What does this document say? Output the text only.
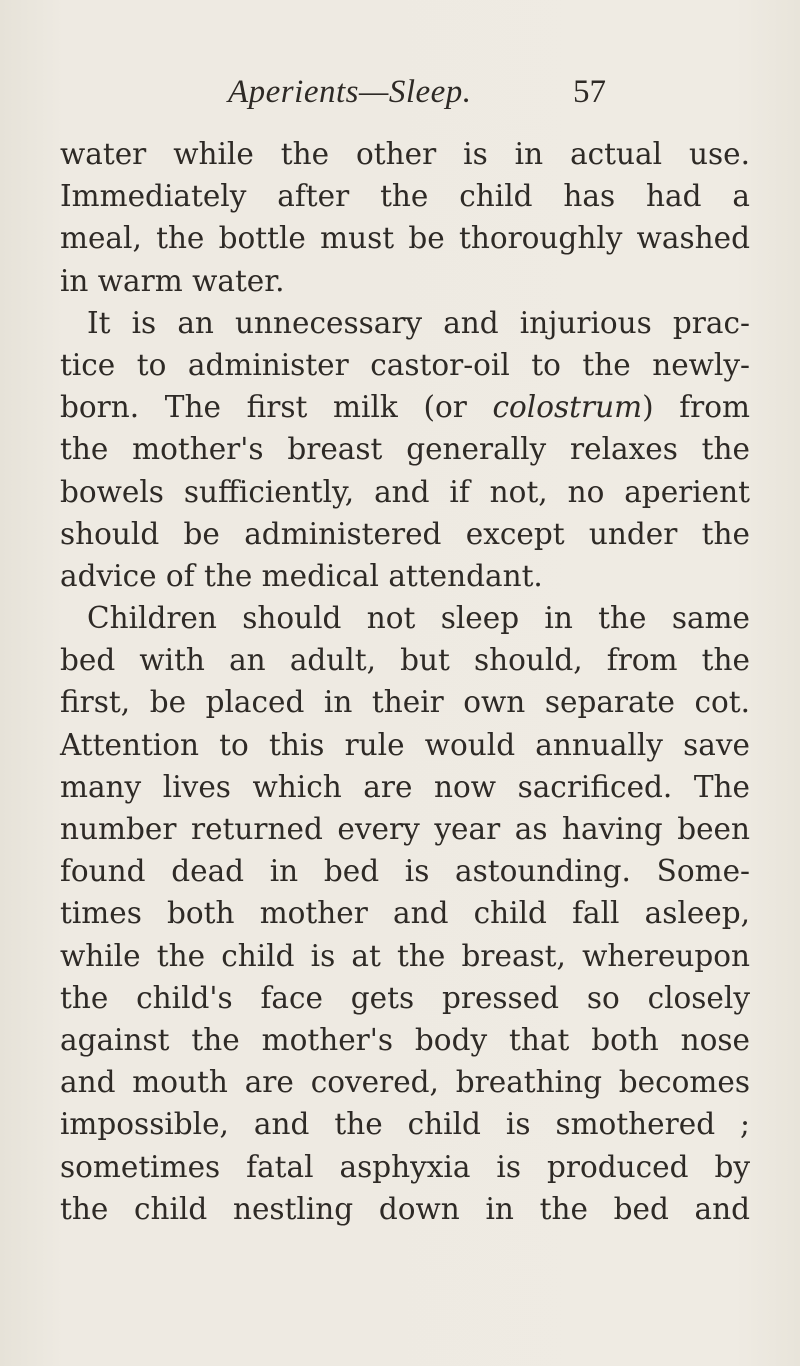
Aperients—Sleep.	57
water while the other is in actual use.
Immediately after the child has had a
meal, the bottle must be thoroughly washed
in warm water.
It is an unnecessary and injurious prac-
tice to administer castor-oil to the newly-
born. The first milk (or colostrum) from
the mother's breast generally relaxes the
bowels sufficiently, and if not, no aperient
should be administered except under the
advice of the medical attendant.
Children should not sleep in the same
bed with an adult, but should, from the
first, be placed in their own separate cot.
Attention to this rule would annually save
many lives which are now sacrificed. The
number returned every year as having been
found dead in bed is astounding. Some-
times both mother and child fall asleep,
while the child is at the breast, whereupon
the child's face gets pressed so closely
against the mother's body that both nose
and mouth are covered, breathing becomes
impossible, and the child is smothered ;
sometimes fatal asphyxia is produced by
the child nestling down in the bed and
